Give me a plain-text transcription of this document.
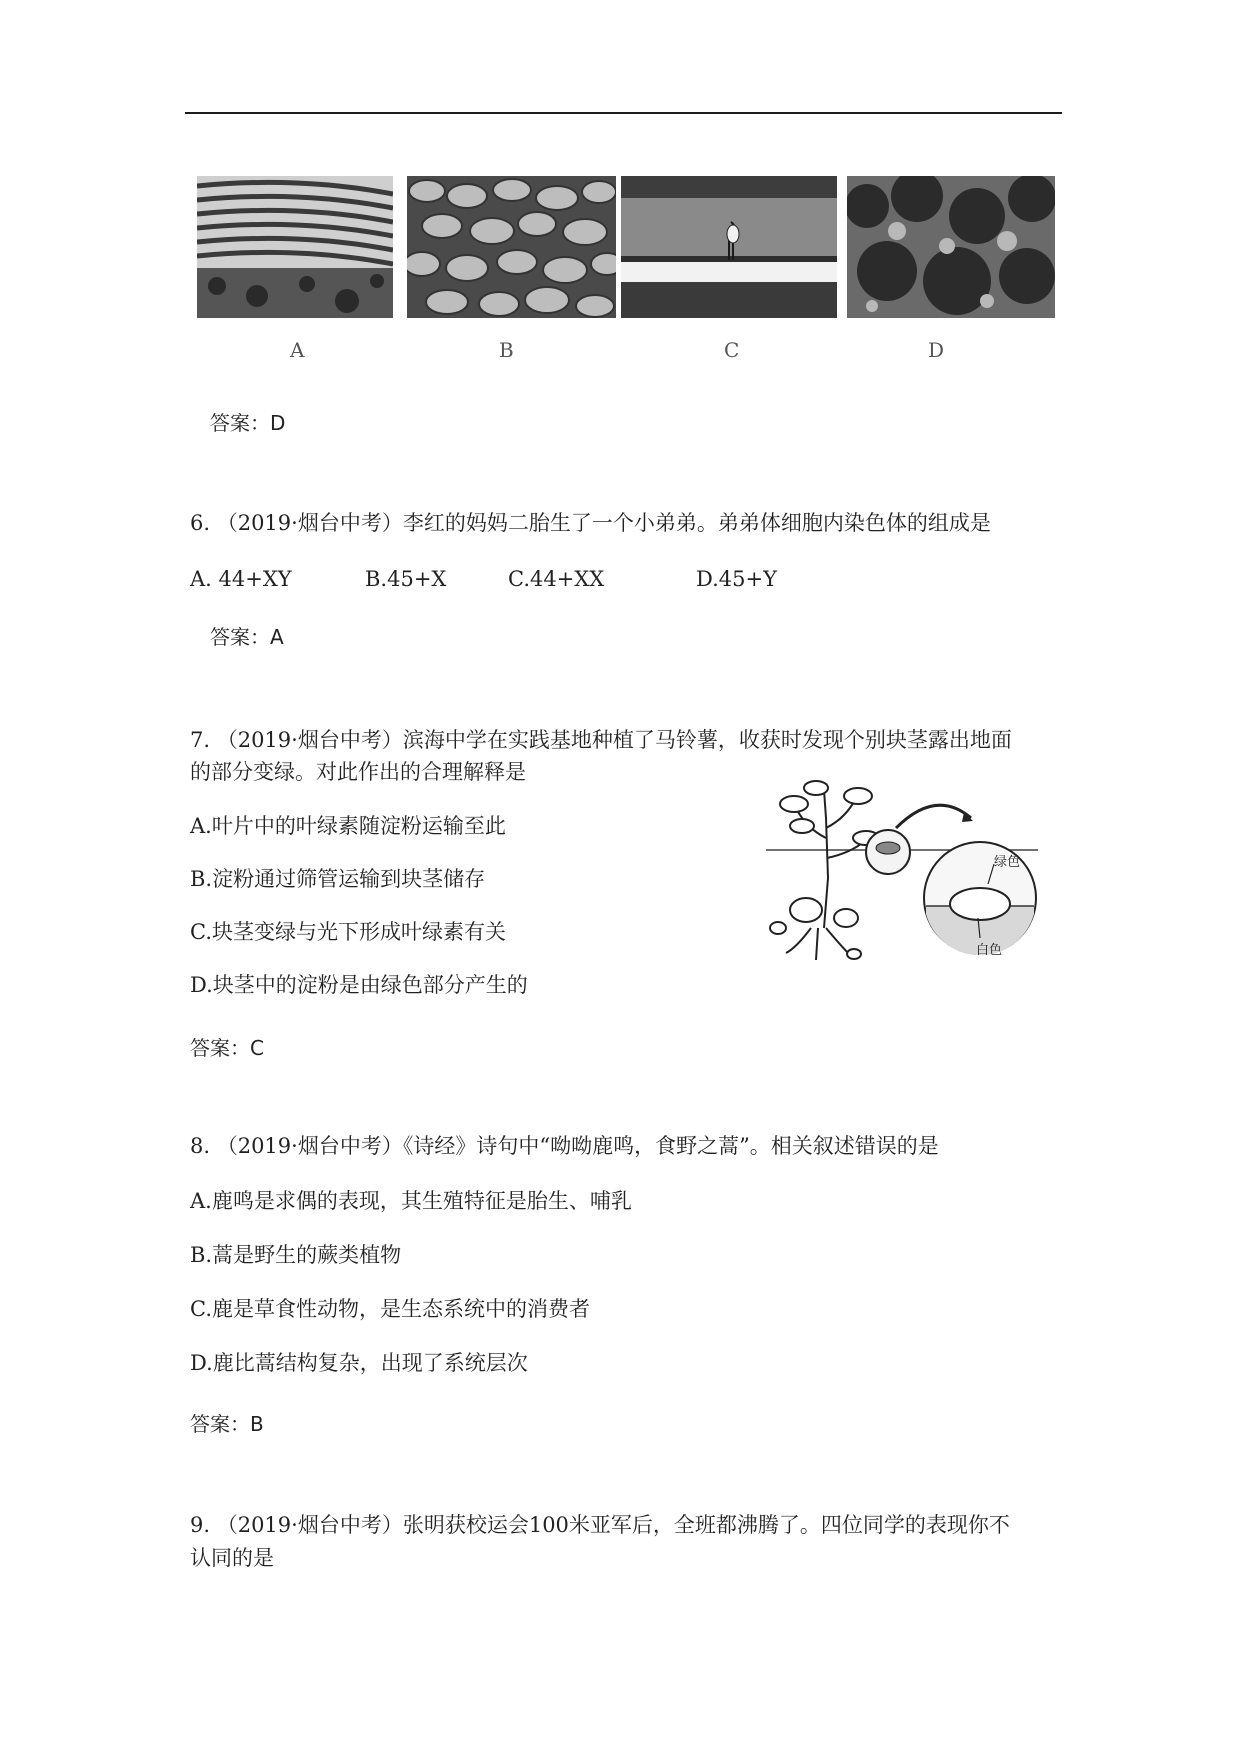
A	B	C	D
答案：D
6. （2019·烟台中考）李红的妈妈二胎生了一个小弟弟。弟弟体细胞内染色体的组成是
A. 44+XY	B.45+X	C.44+XX	D.45+Y
答案：A
7. （2019·烟台中考）滨海中学在实践基地种植了马铃薯，收获时发现个别块茎露出地面
的部分变绿。对此作出的合理解释是
A.叶片中的叶绿素随淀粉运输至此
B.淀粉通过筛管运输到块茎储存
C.块茎变绿与光下形成叶绿素有关
D.块茎中的淀粉是由绿色部分产生的
绿色
白色
答案：C
8. （2019·烟台中考）《诗经》诗句中“呦呦鹿鸣，食野之蒿”。相关叙述错误的是
A.鹿鸣是求偶的表现，其生殖特征是胎生、哺乳
B.蒿是野生的蕨类植物
C.鹿是草食性动物，是生态系统中的消费者
D.鹿比蒿结构复杂，出现了系统层次
答案：B
9. （2019·烟台中考）张明获校运会100米亚军后，全班都沸腾了。四位同学的表现你不
认同的是
